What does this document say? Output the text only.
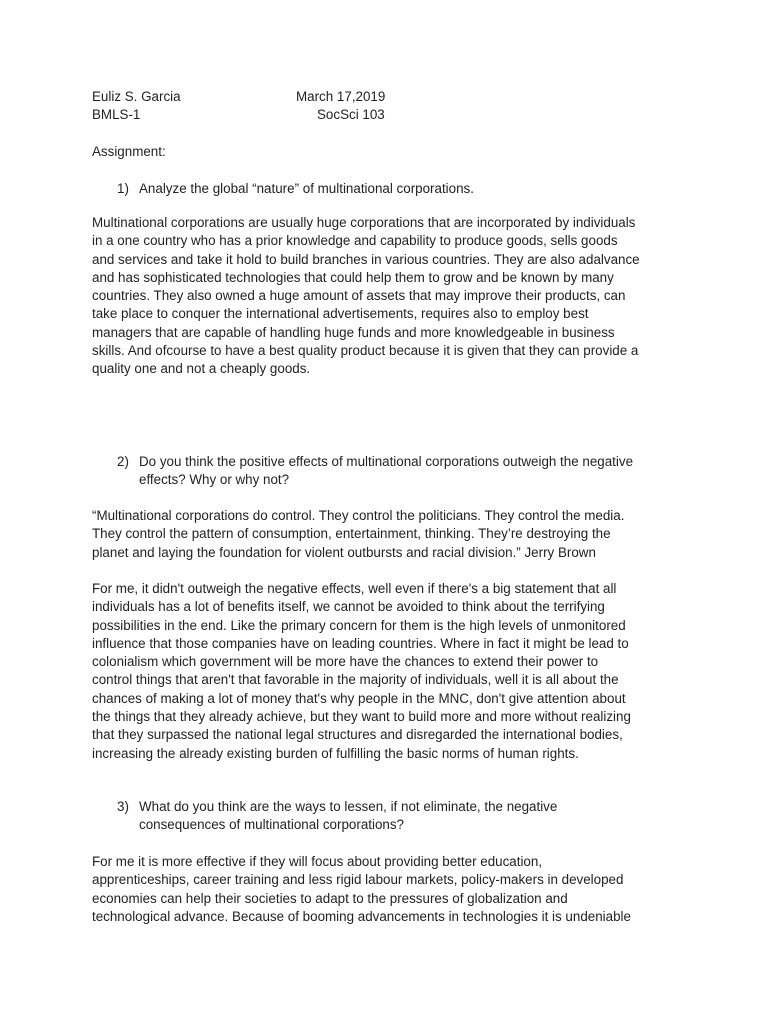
Euliz S. Garcia	March 17,2019
BMLS-1	SocSci 103
Assignment:
1) Analyze the global “nature” of multinational corporations.
Multinational corporations are usually huge corporations that are incorporated by individuals
in a one country who has a prior knowledge and capability to produce goods, sells goods
and services and take it hold to build branches in various countries. They are also adalvance
and has sophisticated technologies that could help them to grow and be known by many
countries. They also owned a huge amount of assets that may improve their products, can
take place to conquer the international advertisements, requires also to employ best
managers that are capable of handling huge funds and more knowledgeable in business
skills. And ofcourse to have a best quality product because it is given that they can provide a
quality one and not a cheaply goods.
2) Do you think the positive effects of multinational corporations outweigh the negative
effects? Why or why not?
“Multinational corporations do control. They control the politicians. They control the media.
They control the pattern of consumption, entertainment, thinking. They’re destroying the
planet and laying the foundation for violent outbursts and racial division.” Jerry Brown
For me, it didn't outweigh the negative effects, well even if there's a big statement that all
individuals has a lot of benefits itself, we cannot be avoided to think about the terrifying
possibilities in the end. Like the primary concern for them is the high levels of unmonitored
influence that those companies have on leading countries. Where in fact it might be lead to
colonialism which government will be more have the chances to extend their power to
control things that aren't that favorable in the majority of individuals, well it is all about the
chances of making a lot of money that's why people in the MNC, don't give attention about
the things that they already achieve, but they want to build more and more without realizing
that they surpassed the national legal structures and disregarded the international bodies,
increasing the already existing burden of fulfilling the basic norms of human rights.
3) What do you think are the ways to lessen, if not eliminate, the negative
consequences of multinational corporations?
For me it is more effective if they will focus about providing better education,
apprenticeships, career training and less rigid labour markets, policy-makers in developed
economies can help their societies to adapt to the pressures of globalization and
technological advance. Because of booming advancements in technologies it is undeniable
